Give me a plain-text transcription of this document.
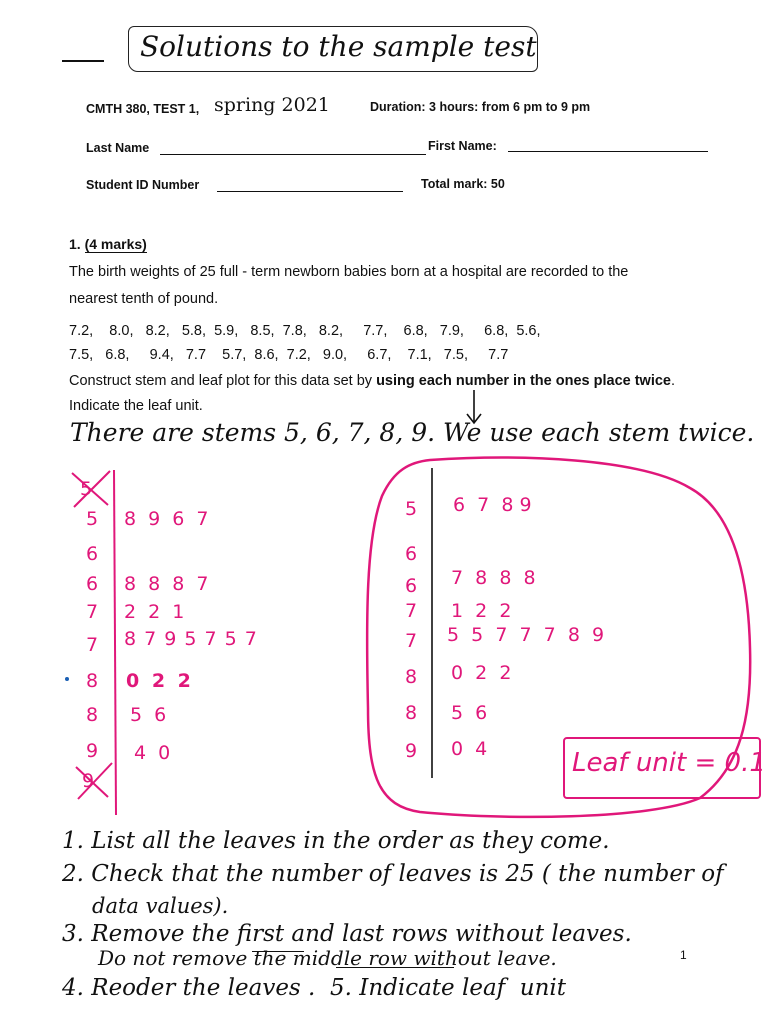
Solutions to the sample test
CMTH 380, TEST 1, spring 2021	Duration: 3 hours: from 6 pm to 9 pm
Last Name	First Name:
Student ID Number	Total mark: 50
1. (4 marks)
The birth weights of 25 full - term newborn babies born at a hospital are recorded to the
nearest tenth of pound.
7.2,    8.0,   8.2,   5.8,  5.9,   8.5,  7.8,   8.2,     7.7,    6.8,   7.9,     6.8,  5.6,
7.5,   6.8,     9.4,   7.7    5.7,  8.6,  7.2,   9.0,     6.7,    7.1,   7.5,     7.7
Construct stem and leaf plot for this data set by using each number in the ones place twice.
Indicate the leaf unit.
There are stems 5, 6, 7, 8, 9. We use each stem twice.
5
9
5 8 9 6 7
6
6 8 8 8 7
7 2 2 1
7 8 7 9 5 7 5 7
8 0 2 2
8 5 6
9 4 0
5 6  7  8 9
6
6 7  8  8  8
7 1  2  2
7 5  5  7  7  7  8  9
8 0  2  2
8 5  6
9 0  4	Leaf unit = 0.1
1. List all the leaves in the order as they come.
2. Check that the number of leaves is 25 ( the number of
data values).
3. Remove the first and last rows without leaves.
Do not remove the middle row without leave.
4. Reoder the leaves .  5. Indicate leaf  unit
1
